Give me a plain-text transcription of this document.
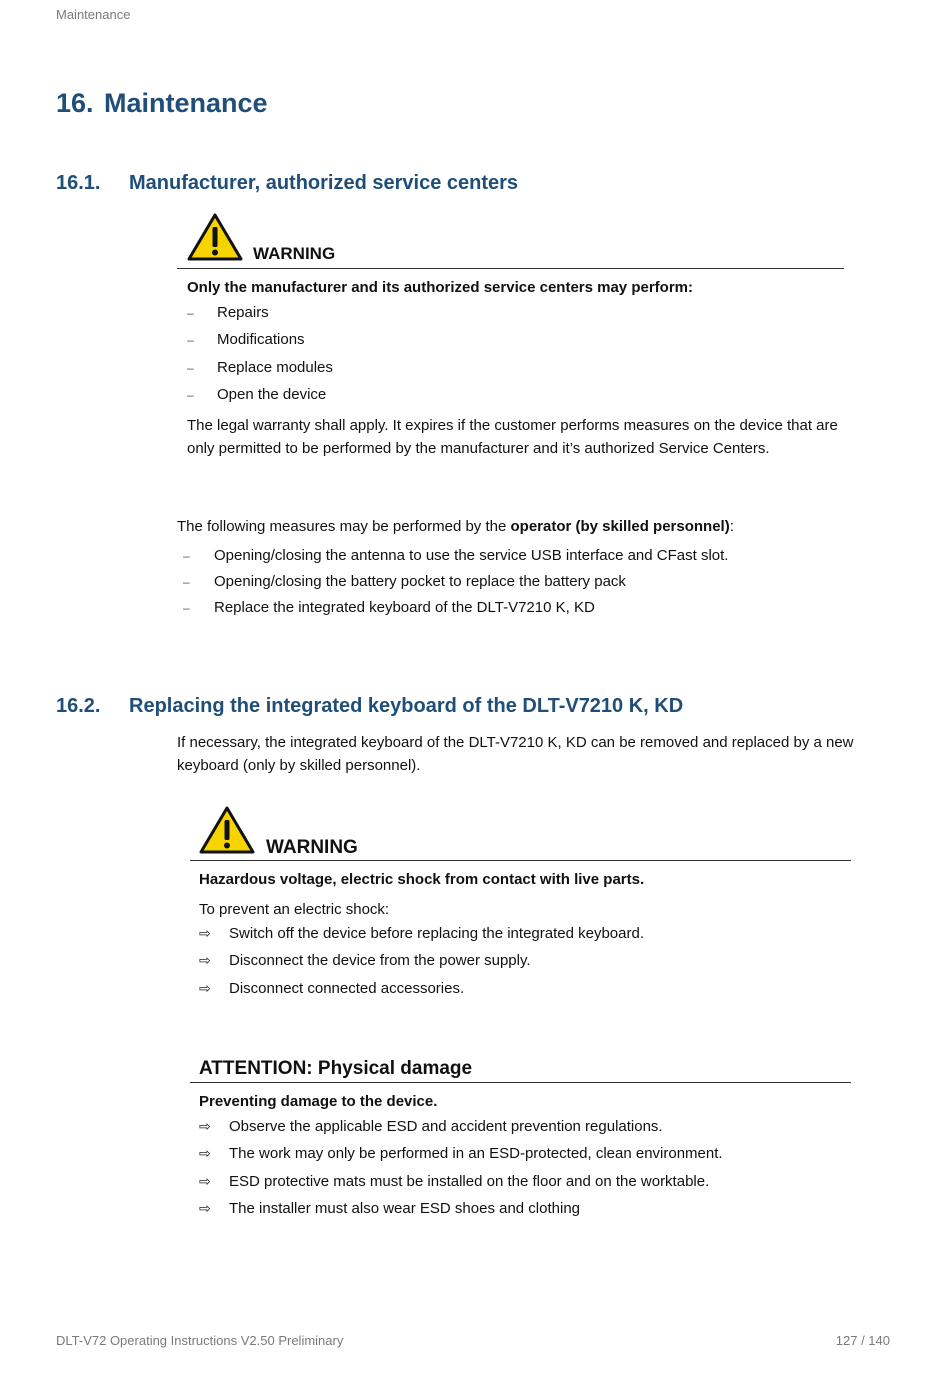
Maintenance
16. Maintenance
16.1. Manufacturer, authorized service centers
WARNING
Only the manufacturer and its authorized service centers may perform:
– Repairs
– Modifications
– Replace modules
– Open the device
The legal warranty shall apply. It expires if the customer performs measures on the device that are only permitted to be performed by the manufacturer and it’s authorized Service Centers.
The following measures may be performed by the operator (by skilled personnel):
– Opening/closing the antenna to use the service USB interface and CFast slot.
– Opening/closing the battery pocket to replace the battery pack
– Replace the integrated keyboard of the DLT-V7210 K, KD
16.2. Replacing the integrated keyboard of the DLT-V7210 K, KD
If necessary, the integrated keyboard of the DLT-V7210 K, KD can be removed and replaced by a new keyboard (only by skilled personnel).
WARNING
Hazardous voltage, electric shock from contact with live parts.
To prevent an electric shock:
⇨ Switch off the device before replacing the integrated keyboard.
⇨ Disconnect the device from the power supply.
⇨ Disconnect connected accessories.
ATTENTION: Physical damage
Preventing damage to the device.
⇨ Observe the applicable ESD and accident prevention regulations.
⇨ The work may only be performed in an ESD-protected, clean environment.
⇨ ESD protective mats must be installed on the floor and on the worktable.
⇨ The installer must also wear ESD shoes and clothing
DLT-V72 Operating Instructions V2.50 Preliminary	127 / 140
